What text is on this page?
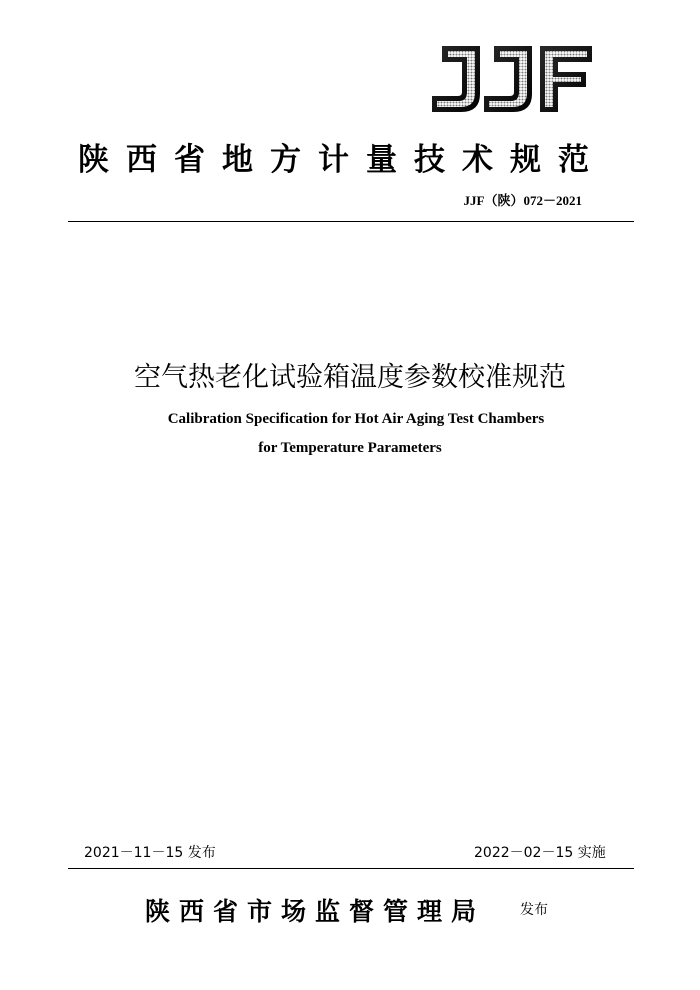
陕西省地方计量技术规范
JJF（陕）072－2021
空气热老化试验箱温度参数校准规范
Calibration Specification for Hot Air Aging Test Chambers
for Temperature Parameters
2021－11－15 发布	2022－02－15 实施
陕西省市场监督管理局 发布
